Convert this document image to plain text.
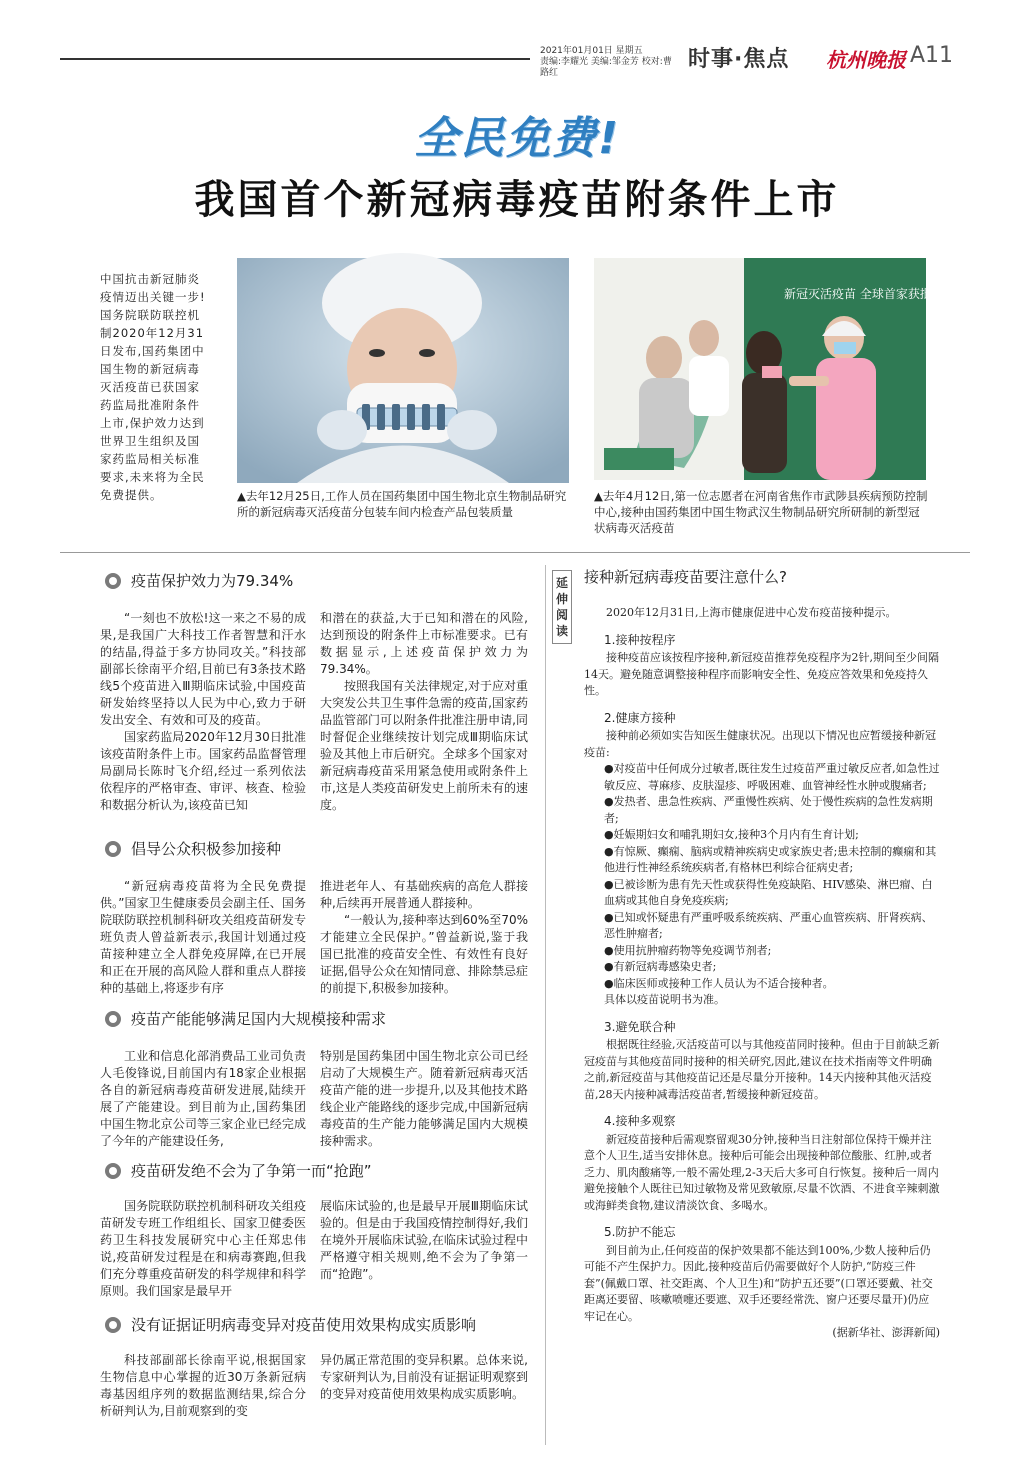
2021年01月01日 星期五
责编:李耀光 美编:邹金芳 校对:曹路红
时事·焦点 杭州晚报 A11
全民免费!
我国首个新冠病毒疫苗附条件上市
中国抗击新冠肺炎疫情迈出关键一步!国务院联防联控机制2020年12月31日发布,国药集团中国生物的新冠病毒灭活疫苗已获国家药监局批准附条件上市,保护效力达到世界卫生组织及国家药监局相关标准要求,未来将为全民免费提供。	▲去年12月25日,工作人员在国药集团中国生物北京生物制品研究所的新冠病毒灭活疫苗分包装车间内检查产品包装质量
新冠灭活疫苗 全球首家获批临床
▲去年4月12日,第一位志愿者在河南省焦作市武陟县疾病预防控制中心,接种由国药集团中国生物武汉生物制品研究所研制的新型冠状病毒灭活疫苗
疫苗保护效力为79.34%

“一刻也不放松!这一来之不易的成果,是我国广大科技工作者智慧和汗水的结晶,得益于多方协同攻关。”科技部副部长徐南平介绍,目前已有3条技术路线5个疫苗进入Ⅲ期临床试验,中国疫苗研发始终坚持以人民为中心,致力于研发出安全、有效和可及的疫苗。

国家药监局2020年12月30日批准该疫苗附条件上市。国家药品监督管理局副局长陈时飞介绍,经过一系列依法依程序的严格审查、审评、核查、检验和数据分析认为,该疫苗已知

和潜在的获益,大于已知和潜在的风险,达到预设的附条件上市标准要求。已有数据显示,上述疫苗保护效力为79.34%。

按照我国有关法律规定,对于应对重大突发公共卫生事件急需的疫苗,国家药品监管部门可以附条件批准注册申请,同时督促企业继续按计划完成Ⅲ期临床试验及其他上市后研究。全球多个国家对新冠病毒疫苗采用紧急使用或附条件上市,这是人类疫苗研发史上前所未有的速度。

倡导公众积极参加接种

“新冠病毒疫苗将为全民免费提供。”国家卫生健康委员会副主任、国务院联防联控机制科研攻关组疫苗研发专班负责人曾益新表示,我国计划通过疫苗接种建立全人群免疫屏障,在已开展和正在开展的高风险人群和重点人群接种的基础上,将逐步有序

推进老年人、有基础疾病的高危人群接种,后续再开展普通人群接种。

“一般认为,接种率达到60%至70%才能建立全民保护。”曾益新说,鉴于我国已批准的疫苗安全性、有效性有良好证据,倡导公众在知情同意、排除禁忌症的前提下,积极参加接种。

疫苗产能能够满足国内大规模接种需求

工业和信息化部消费品工业司负责人毛俊锋说,目前国内有18家企业根据各自的新冠病毒疫苗研发进展,陆续开展了产能建设。到目前为止,国药集团中国生物北京公司等三家企业已经完成了今年的产能建设任务,

特别是国药集团中国生物北京公司已经启动了大规模生产。随着新冠病毒灭活疫苗产能的进一步提升,以及其他技术路线企业产能路线的逐步完成,中国新冠病毒疫苗的生产能力能够满足国内大规模接种需求。

疫苗研发绝不会为了争第一而“抢跑”

国务院联防联控机制科研攻关组疫苗研发专班工作组组长、国家卫健委医药卫生科技发展研究中心主任郑忠伟说,疫苗研发过程是在和病毒赛跑,但我们充分尊重疫苗研发的科学规律和科学原则。我们国家是最早开

展临床试验的,也是最早开展Ⅲ期临床试验的。但是由于我国疫情控制得好,我们在境外开展临床试验,在临床试验过程中严格遵守相关规则,绝不会为了争第一而“抢跑”。

没有证据证明病毒变异对疫苗使用效果构成实质影响

科技部副部长徐南平说,根据国家生物信息中心掌握的近30万条新冠病毒基因组序列的数据监测结果,综合分析研判认为,目前观察到的变

异仍属正常范围的变异积累。总体来说,专家研判认为,目前没有证据证明观察到的变异对疫苗使用效果构成实质影响。

延伸阅读
接种新冠病毒疫苗要注意什么?

2020年12月31日,上海市健康促进中心发布疫苗接种提示。

1.接种按程序

接种疫苗应该按程序接种,新冠疫苗推荐免疫程序为2针,期间至少间隔14天。避免随意调整接种程序而影响安全性、免疫应答效果和免疫持久性。

2.健康方接种

接种前必须如实告知医生健康状况。出现以下情况也应暂缓接种新冠疫苗:

●对疫苗中任何成分过敏者,既往发生过疫苗严重过敏反应者,如急性过敏反应、荨麻疹、皮肤湿疹、呼吸困难、血管神经性水肿或腹痛者;

●发热者、患急性疾病、严重慢性疾病、处于慢性疾病的急性发病期者;

●妊娠期妇女和哺乳期妇女,接种3个月内有生育计划;

●有惊厥、癫痫、脑病或精神疾病史或家族史者;患未控制的癫痫和其他进行性神经系统疾病者,有格林巴利综合征病史者;

●已被诊断为患有先天性或获得性免疫缺陷、HIV感染、淋巴瘤、白血病或其他自身免疫疾病;

●已知或怀疑患有严重呼吸系统疾病、严重心血管疾病、肝肾疾病、恶性肿瘤者;

●使用抗肿瘤药物等免疫调节剂者;

●有新冠病毒感染史者;

●临床医师或接种工作人员认为不适合接种者。

具体以疫苗说明书为准。

3.避免联合种

根据既往经验,灭活疫苗可以与其他疫苗同时接种。但由于目前缺乏新冠疫苗与其他疫苗同时接种的相关研究,因此,建议在技术指南等文件明确之前,新冠疫苗与其他疫苗记还是尽量分开接种。14天内接种其他灭活疫苗,28天内接种减毒活疫苗者,暂缓接种新冠疫苗。

4.接种多观察

新冠疫苗接种后需观察留观30分钟,接种当日注射部位保持干燥并注意个人卫生,适当安排休息。接种后可能会出现接种部位酸胀、红肿,或者乏力、肌肉酸痛等,一般不需处理,2-3天后大多可自行恢复。接种后一周内避免接触个人既往已知过敏物及常见致敏原,尽量不饮酒、不进食辛辣刺激或海鲜类食物,建议清淡饮食、多喝水。

5.防护不能忘

到目前为止,任何疫苗的保护效果都不能达到100%,少数人接种后仍可能不产生保护力。因此,接种疫苗后仍需要做好个人防护,“防疫三件套”(佩戴口罩、社交距离、个人卫生)和“防护五还要”(口罩还要戴、社交距离还要留、咳嗽喷嚏还要遮、双手还要经常洗、窗户还要尽量开)仍应牢记在心。

(据新华社、澎湃新闻)
